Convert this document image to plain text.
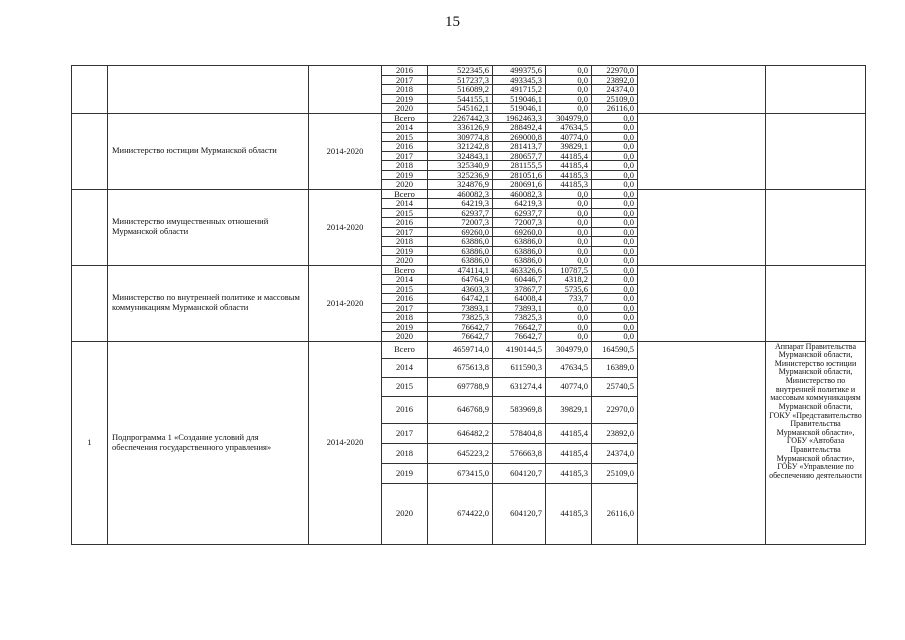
15
			2016	522345,6	499375,6	0,0	22970,0		
			2017	517237,3	493345,3	0,0	23892,0		
			2018	516089,2	491715,2	0,0	24374,0		
			2019	544155,1	519046,1	0,0	25109,0		
			2020	545162,1	519046,1	0,0	26116,0		
	Министерство юстиции Мурманской области	2014-2020	Всего	2267442,3	1962463,3	304979,0	0,0		
			2014	336126,9	288492,4	47634,5	0,0		
			2015	309774,8	269000,8	40774,0	0,0		
			2016	321242,8	281413,7	39829,1	0,0		
			2017	324843,1	280657,7	44185,4	0,0		
			2018	325340,9	281155,5	44185,4	0,0		
			2019	325236,9	281051,6	44185,3	0,0		
			2020	324876,9	280691,6	44185,3	0,0		
	Министерство имущественных отношений Мурманской области	2014-2020	Всего	460082,3	460082,3	0,0	0,0		
			2014	64219,3	64219,3	0,0	0,0		
			2015	62937,7	62937,7	0,0	0,0		
			2016	72007,3	72007,3	0,0	0,0		
			2017	69260,0	69260,0	0,0	0,0		
			2018	63886,0	63886,0	0,0	0,0		
			2019	63886,0	63886,0	0,0	0,0		
			2020	63886,0	63886,0	0,0	0,0		
	Министерство по внутренней политике и массовым коммуникациям Мурманской области	2014-2020	Всего	474114,1	463326,6	10787,5	0,0		
			2014	64764,9	60446,7	4318,2	0,0		
			2015	43603,3	37867,7	5735,6	0,0		
			2016	64742,1	64008,4	733,7	0,0		
			2017	73893,1	73893,1	0,0	0,0		
			2018	73825,3	73825,3	0,0	0,0		
			2019	76642,7	76642,7	0,0	0,0		
			2020	76642,7	76642,7	0,0	0,0		
1	Подпрограмма 1 «Создание условий для обеспечения государственного управления»	2014-2020	Всего	4659714,0	4190144,5	304979,0	164590,5		Аппарат Правительства Мурманской области, Министерство юстиции Мурманской области, Министерство по внутренней политике и массовым коммуникациям Мурманской области, ГОКУ «Представительство Правительства Мурманской области», ГОБУ «Автобаза Правительства Мурманской области», ГОБУ «Управление по обеспечению деятельности
			2014	675613,8	611590,3	47634,5	16389,0		
			2015	697788,9	631274,4	40774,0	25740,5		
			2016	646768,9	583969,8	39829,1	22970,0		
			2017	646482,2	578404,8	44185,4	23892,0		
			2018	645223,2	576663,8	44185,4	24374,0		
			2019	673415,0	604120,7	44185,3	25109,0		
			2020	674422,0	604120,7	44185,3	26116,0		
